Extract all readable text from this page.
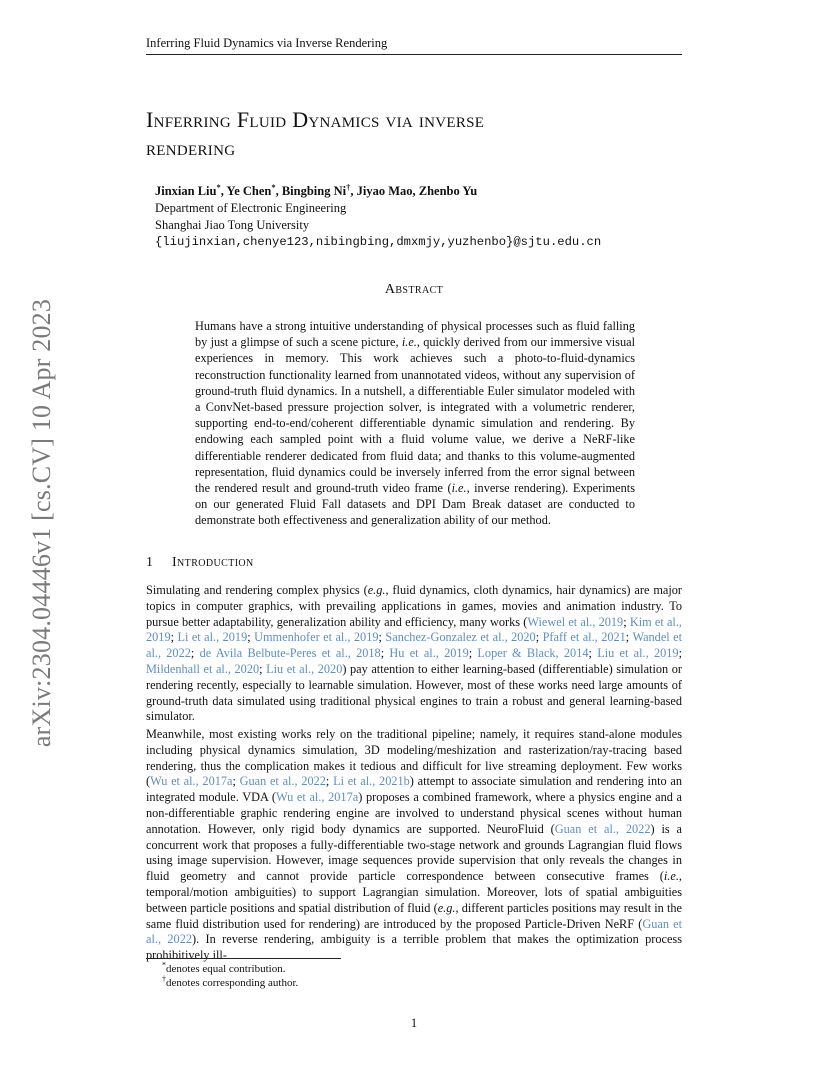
Inferring Fluid Dynamics via Inverse Rendering
arXiv:2304.04446v1 [cs.CV] 10 Apr 2023
Inferring Fluid Dynamics via inverse
rendering
Jinxian Liu*, Ye Chen*, Bingbing Ni†, Jiyao Mao, Zhenbo Yu
Department of Electronic Engineering
Shanghai Jiao Tong University
{liujinxian,chenye123,nibingbing,dmxmjy,yuzhenbo}@sjtu.edu.cn
Abstract

Humans have a strong intuitive understanding of physical processes such as fluid falling by just a glimpse of such a scene picture, i.e., quickly derived from our immersive visual experiences in memory. This work achieves such a photo-to-fluid-dynamics reconstruction functionality learned from unannotated videos, without any supervision of ground-truth fluid dynamics. In a nutshell, a differentiable Euler simulator modeled with a ConvNet-based pressure projection solver, is integrated with a volumetric renderer, supporting end-to-end/coherent differentiable dynamic simulation and rendering. By endowing each sampled point with a fluid volume value, we derive a NeRF-like differentiable renderer dedicated from fluid data; and thanks to this volume-augmented representation, fluid dynamics could be inversely inferred from the error signal between the rendered result and ground-truth video frame (i.e., inverse rendering). Experiments on our generated Fluid Fall datasets and DPI Dam Break dataset are conducted to demonstrate both effectiveness and generalization ability of our method.

1 Introduction

Simulating and rendering complex physics (e.g., fluid dynamics, cloth dynamics, hair dynamics) are major topics in computer graphics, with prevailing applications in games, movies and animation industry. To pursue better adaptability, generalization ability and efficiency, many works (Wiewel et al., 2019; Kim et al., 2019; Li et al., 2019; Ummenhofer et al., 2019; Sanchez-Gonzalez et al., 2020; Pfaff et al., 2021; Wandel et al., 2022; de Avila Belbute-Peres et al., 2018; Hu et al., 2019; Loper & Black, 2014; Liu et al., 2019; Mildenhall et al., 2020; Liu et al., 2020) pay attention to either learning-based (differentiable) simulation or rendering recently, especially to learnable simulation. However, most of these works need large amounts of ground-truth data simulated using traditional physical engines to train a robust and general learning-based simulator.

Meanwhile, most existing works rely on the traditional pipeline; namely, it requires stand-alone modules including physical dynamics simulation, 3D modeling/meshization and rasterization/ray-tracing based rendering, thus the complication makes it tedious and difficult for live streaming deployment. Few works (Wu et al., 2017a; Guan et al., 2022; Li et al., 2021b) attempt to associate simulation and rendering into an integrated module. VDA (Wu et al., 2017a) proposes a combined framework, where a physics engine and a non-differentiable graphic rendering engine are involved to understand physical scenes without human annotation. However, only rigid body dynamics are supported. NeuroFluid (Guan et al., 2022) is a concurrent work that proposes a fully-differentiable two-stage network and grounds Lagrangian fluid flows using image supervision. However, image sequences provide supervision that only reveals the changes in fluid geometry and cannot provide particle correspondence between consecutive frames (i.e., temporal/motion ambiguities) to support Lagrangian simulation. Moreover, lots of spatial ambiguities between particle positions and spatial distribution of fluid (e.g., different particles positions may result in the same fluid distribution used for rendering) are introduced by the proposed Particle-Driven NeRF (Guan et al., 2022). In reverse rendering, ambiguity is a terrible problem that makes the optimization process prohibitively ill-

*denotes equal contribution.
†denotes corresponding author.
1
